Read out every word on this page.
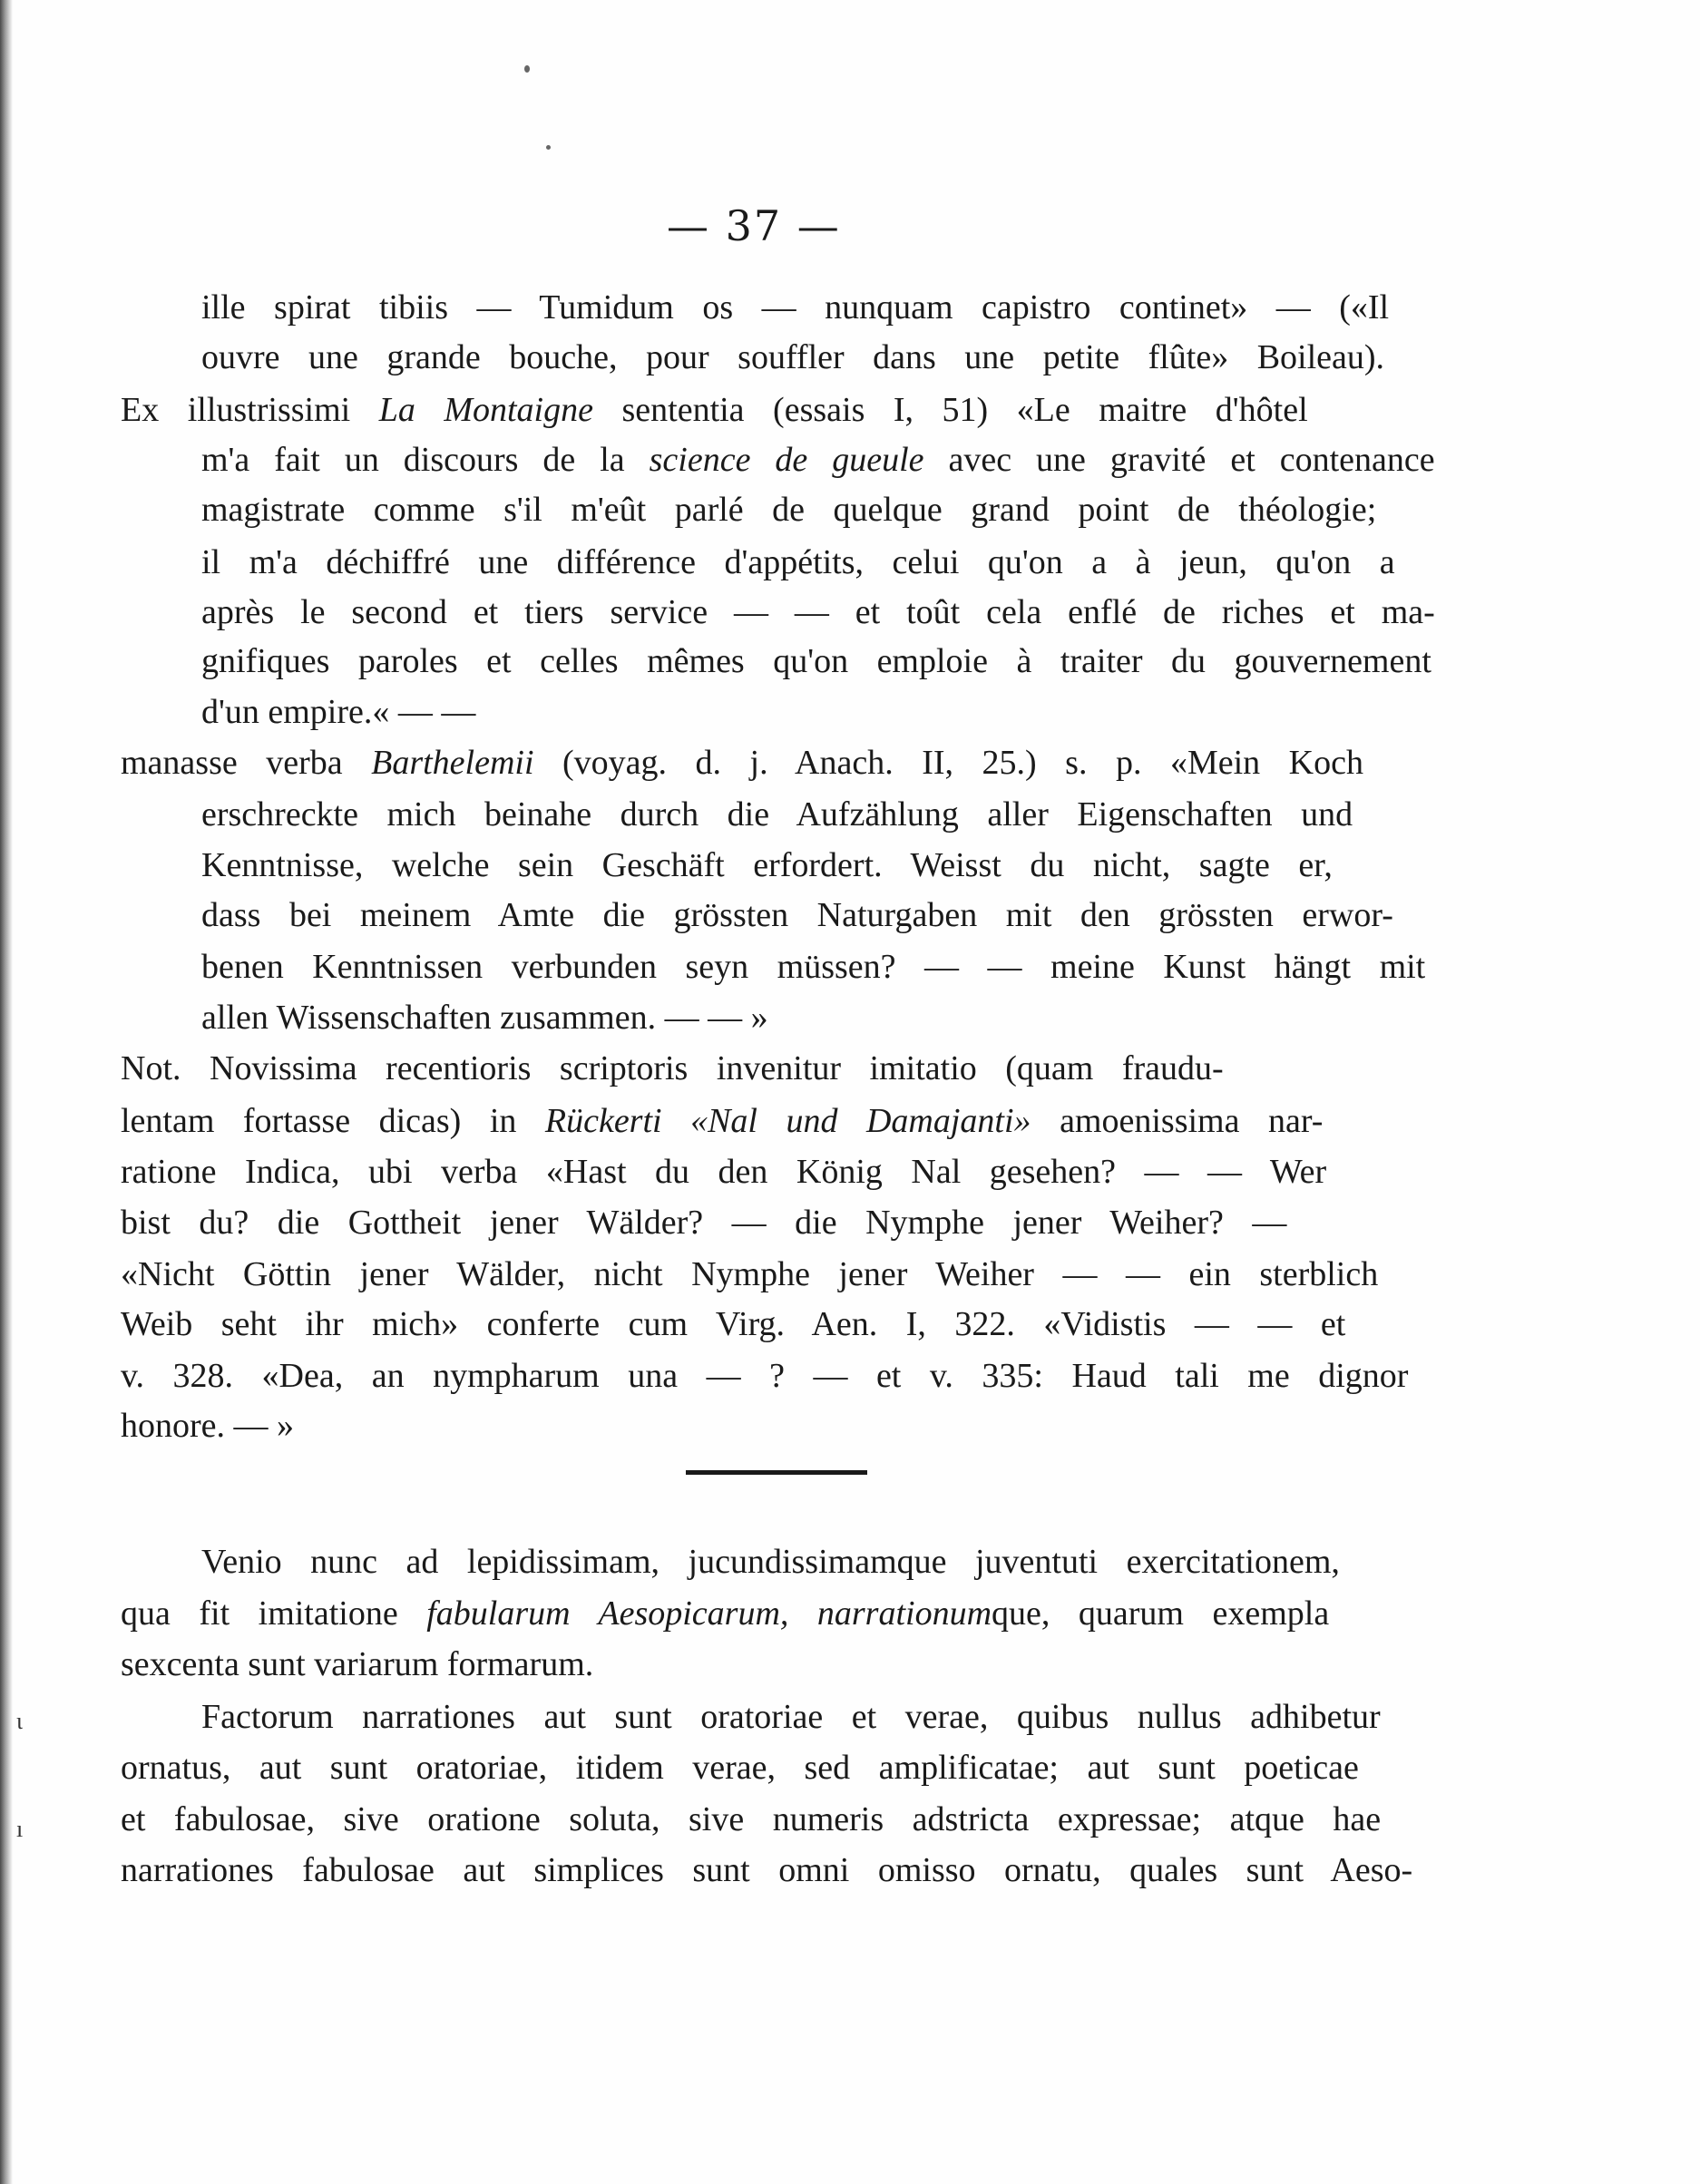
ɩ
ı
— 37 —
ille spirat tibiis — Tumidum os — nunquam capistro continet» — («Il
ouvre une grande bouche, pour souffler dans une petite flûte» Boileau).
Ex illustrissimi La Montaigne sententia (essais I, 51) «Le maitre d'hôtel
m'a fait un discours de la science de gueule avec une gravité et contenance
magistrate comme s'il m'eût parlé de quelque grand point de théologie;
il m'a déchiffré une différence d'appétits, celui qu'on a à jeun, qu'on a
après le second et tiers service — — et toût cela enflé de riches et ma-
gnifiques paroles et celles mêmes qu'on emploie à traiter du gouvernement
d'un empire.« — —
manasse verba Barthelemii (voyag. d. j. Anach. II, 25.) s. p. «Mein Koch
erschreckte mich beinahe durch die Aufzählung aller Eigenschaften und
Kenntnisse, welche sein Geschäft erfordert. Weisst du nicht, sagte er,
dass bei meinem Amte die grössten Naturgaben mit den grössten erwor-
benen Kenntnissen verbunden seyn müssen? — — meine Kunst hängt mit
allen Wissenschaften zusammen. — — »
Not. Novissima recentioris scriptoris invenitur imitatio (quam fraudu-
lentam fortasse dicas) in Rückerti «Nal und Damajanti» amoenissima nar-
ratione Indica, ubi verba «Hast du den König Nal gesehen? — — Wer
bist du? die Gottheit jener Wälder? — die Nymphe jener Weiher? —
«Nicht Göttin jener Wälder, nicht Nymphe jener Weiher — — ein sterblich
Weib seht ihr mich» conferte cum Virg. Aen. I, 322. «Vidistis — — et
v. 328. «Dea, an nympharum una — ? — et v. 335: Haud tali me dignor
honore. — »
Venio nunc ad lepidissimam, jucundissimamque juventuti exercitationem,
qua fit imitatione fabularum Aesopicarum, narrationumque, quarum exempla
sexcenta sunt variarum formarum.
Factorum narrationes aut sunt oratoriae et verae, quibus nullus adhibetur
ornatus, aut sunt oratoriae, itidem verae, sed amplificatae; aut sunt poeticae
et fabulosae, sive oratione soluta, sive numeris adstricta expressae; atque hae
narrationes fabulosae aut simplices sunt omni omisso ornatu, quales sunt Aeso-
